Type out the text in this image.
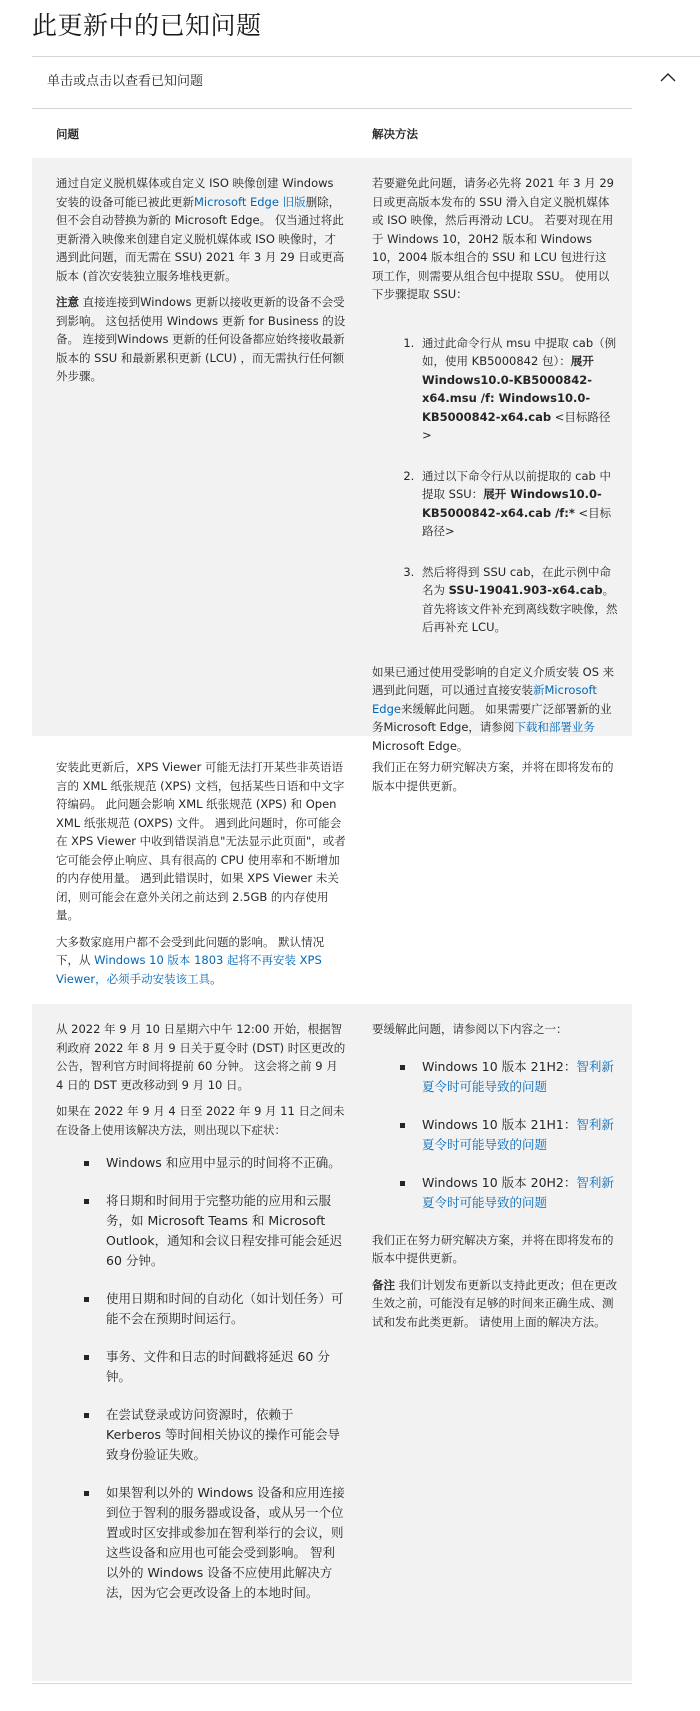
此更新中的已知问题
单击或点击以查看已知问题
问题	解决方法

通过自定义脱机媒体或自定义 ISO 映像创建 Windows 安装的设备可能已被此更新Microsoft Edge 旧版删除，但不会自动替换为新的 Microsoft Edge。 仅当通过将此更新滑入映像来创建自定义脱机媒体或 ISO 映像时，才遇到此问题，而无需在 SSU) 2021 年 3 月 29 日或更高版本 (首次安装独立服务堆栈更新。

注意 直接连接到Windows 更新以接收更新的设备不会受到影响。 这包括使用 Windows 更新 for Business 的设备。 连接到Windows 更新的任何设备都应始终接收最新版本的 SSU 和最新累积更新 (LCU) ，而无需执行任何额外步骤。

若要避免此问题，请务必先将 2021 年 3 月 29 日或更高版本发布的 SSU 滑入自定义脱机媒体或 ISO 映像，然后再滑动 LCU。 若要对现在用于 Windows 10，20H2 版本和 Windows 10，2004 版本组合的 SSU 和 LCU 包进行这项工作，则需要从组合包中提取 SSU。 使用以下步骤提取 SSU：

1. 通过此命令行从 msu 中提取 cab（例如，使用 KB5000842 包）：展开 Windows10.0-KB5000842-x64.msu /f: Windows10.0-KB5000842-x64.cab <目标路径>
2. 通过以下命令行从以前提取的 cab 中提取 SSU：展开 Windows10.0-KB5000842-x64.cab /f:* <目标路径>
3. 然后将得到 SSU cab，在此示例中命名为 SSU-19041.903-x64.cab。 首先将该文件补充到离线数字映像，然后再补充 LCU。

如果已通过使用受影响的自定义介质安装 OS 来遇到此问题，可以通过直接安装新Microsoft Edge来缓解此问题。 如果需要广泛部署新的业务Microsoft Edge，请参阅下载和部署业务 Microsoft Edge。

安装此更新后，XPS Viewer 可能无法打开某些非英语语言的 XML 纸张规范 (XPS) 文档，包括某些日语和中文字符编码。 此问题会影响 XML 纸张规范 (XPS) 和 Open XML 纸张规范 (OXPS) 文件。 遇到此问题时，你可能会在 XPS Viewer 中收到错误消息"无法显示此页面"，或者它可能会停止响应、具有很高的 CPU 使用率和不断增加的内存使用量。 遇到此错误时，如果 XPS Viewer 未关闭，则可能会在意外关闭之前达到 2.5GB 的内存使用量。

大多数家庭用户都不会受到此问题的影响。 默认情况下，从 Windows 10 版本 1803 起将不再安装 XPS Viewer，必须手动安装该工具。

我们正在努力研究解决方案，并将在即将发布的版本中提供更新。

从 2022 年 9 月 10 日星期六中午 12:00 开始，根据智利政府 2022 年 8 月 9 日关于夏令时 (DST) 时区更改的公告，智利官方时间将提前 60 分钟。 这会将之前 9 月 4 日的 DST 更改移动到 9 月 10 日。

如果在 2022 年 9 月 4 日至 2022 年 9 月 11 日之间未在设备上使用该解决方法，则出现以下症状：

Windows 和应用中显示的时间将不正确。
将日期和时间用于完整功能的应用和云服务，如 Microsoft Teams 和 Microsoft Outlook，通知和会议日程安排可能会延迟 60 分钟。
使用日期和时间的自动化（如计划任务）可能不会在预期时间运行。
事务、文件和日志的时间戳将延迟 60 分钟。
在尝试登录或访问资源时，依赖于 Kerberos 等时间相关协议的操作可能会导致身份验证失败。
如果智利以外的 Windows 设备和应用连接到位于智利的服务器或设备，或从另一个位置或时区安排或参加在智利举行的会议，则这些设备和应用也可能会受到影响。 智利以外的 Windows 设备不应使用此解决方法，因为它会更改设备上的本地时间。

要缓解此问题，请参阅以下内容之一：

Windows 10 版本 21H2：智利新夏令时可能导致的问题
Windows 10 版本 21H1：智利新夏令时可能导致的问题
Windows 10 版本 20H2：智利新夏令时可能导致的问题

我们正在努力研究解决方案，并将在即将发布的版本中提供更新。

备注 我们计划发布更新以支持此更改；但在更改生效之前，可能没有足够的时间来正确生成、测试和发布此类更新。 请使用上面的解决方法。
